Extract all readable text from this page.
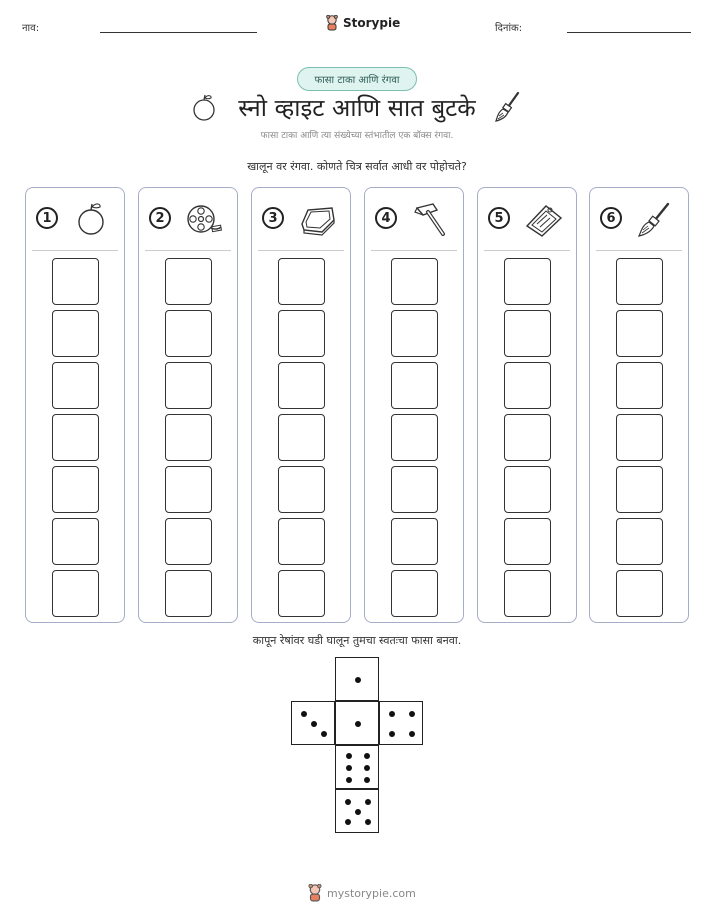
नाव:	Storypie	दिनांक:
फासा टाका आणि रंगवा
स्नो व्हाइट आणि सात बुटके
फासा टाका आणि त्या संख्येच्या स्तंभातील एक बॉक्स रंगवा.
खालून वर रंगवा. कोणते चित्र सर्वात आधी वर पोहोचते?
1	2	3	4	5	6
कापून रेषांवर घडी घालून तुमचा स्वतःचा फासा बनवा.
mystorypie.com
